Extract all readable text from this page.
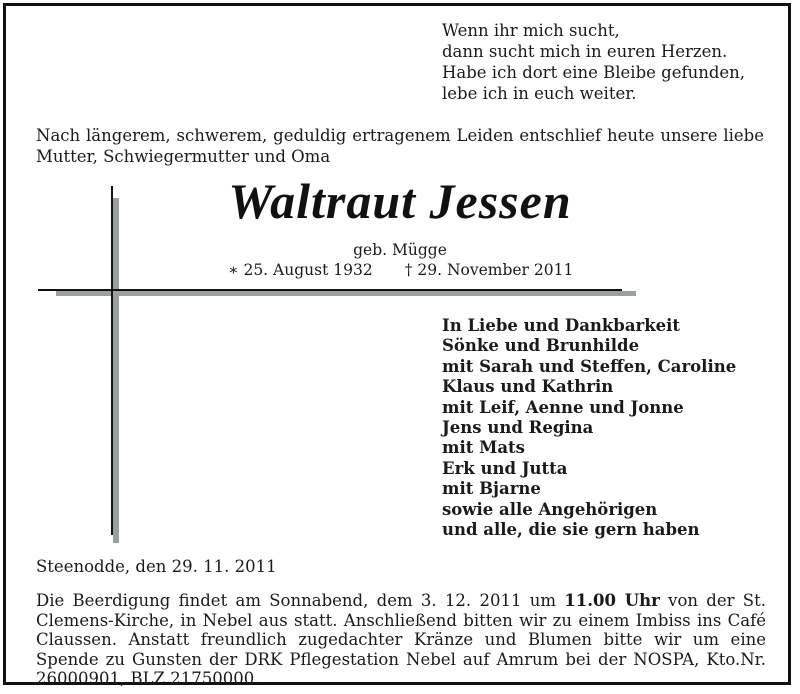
Wenn ihr mich sucht,
dann sucht mich in euren Herzen.
Habe ich dort eine Bleibe gefunden,
lebe ich in euch weiter.
Nach längerem, schwerem, geduldig ertragenem Leiden entschlief heute unsere liebe Mutter, Schwiegermutter und Oma
Waltraut Jessen
geb. Mügge
∗ 25. August 1932 † 29. November 2011
In Liebe und Dankbarkeit
Sönke und Brunhilde
mit Sarah und Steffen, Caroline
Klaus und Kathrin
mit Leif, Aenne und Jonne
Jens und Regina
mit Mats
Erk und Jutta
mit Bjarne
sowie alle Angehörigen
und alle, die sie gern haben
Steenodde, den 29. 11. 2011
Die Beerdigung findet am Sonnabend, dem 3. 12. 2011 um 11.00 Uhr von der St. Clemens-Kirche, in Nebel aus statt. Anschließend bitten wir zu einem Imbiss ins Café Claussen. Anstatt freundlich zugedachter Kränze und Blumen bitte wir um eine Spende zu Gunsten der DRK Pflegestation Nebel auf Amrum bei der NOSPA, Kto.Nr. 26000901, BLZ 21750000.
